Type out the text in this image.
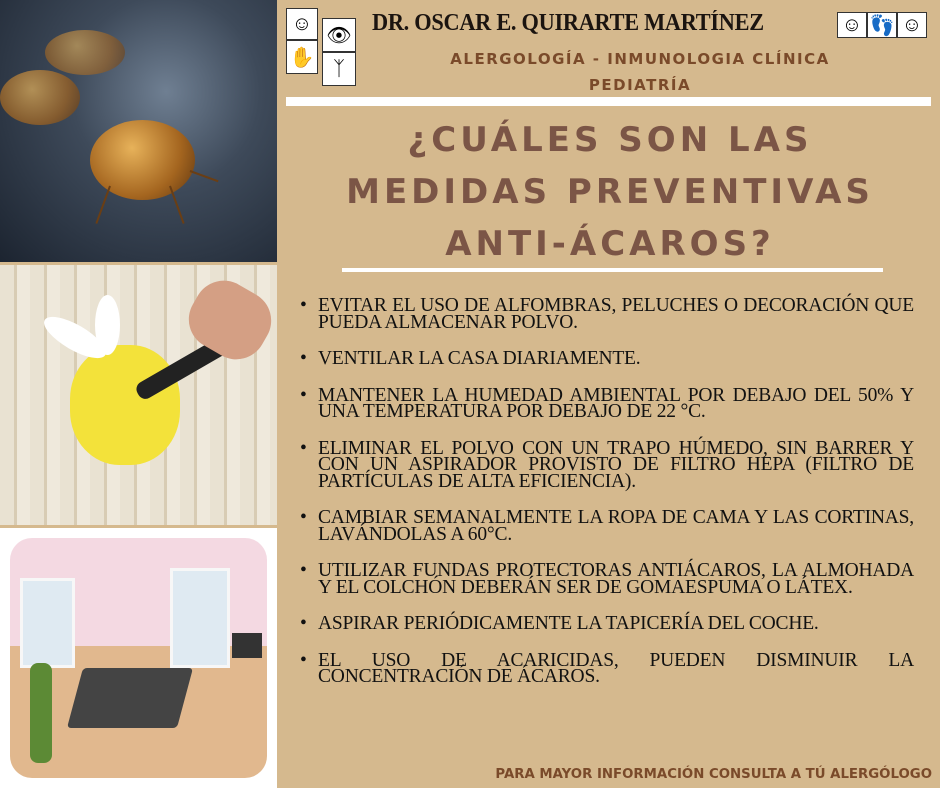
☺
👁
✋ ᛉ
☺ 👣 ☺
DR. OSCAR E. QUIRARTE MARTÍNEZ
ALERGOLOGÍA - INMUNOLOGIA CLÍNICA
PEDIATRÍA
¿CUÁLES SON LAS
MEDIDAS PREVENTIVAS
ANTI-ÁCAROS?
• EVITAR EL USO DE ALFOMBRAS, PELUCHES O DECORACIÓN QUE PUEDA ALMACENAR POLVO.
• VENTILAR LA CASA DIARIAMENTE.
• MANTENER LA HUMEDAD AMBIENTAL POR DEBAJO DEL 50% Y UNA TEMPERATURA POR DEBAJO DE 22 °C.
• ELIMINAR EL POLVO CON UN TRAPO HÚMEDO, SIN BARRER Y CON UN ASPIRADOR PROVISTO DE FILTRO HEPA (FILTRO DE PARTÍCULAS DE ALTA EFICIENCIA).
• CAMBIAR SEMANALMENTE LA ROPA DE CAMA Y LAS CORTINAS, LAVÁNDOLAS A 60°C.
• UTILIZAR FUNDAS PROTECTORAS ANTIÁCAROS, LA ALMOHADA Y EL COLCHÓN DEBERÁN SER DE GOMAESPUMA O LÁTEX.
• ASPIRAR PERIÓDICAMENTE LA TAPICERÍA DEL COCHE.
• EL USO DE ACARICIDAS, PUEDEN DISMINUIR LA CONCENTRACIÓN DE ÁCAROS.
PARA MAYOR INFORMACIÓN CONSULTA A TÚ ALERGÓLOGO
